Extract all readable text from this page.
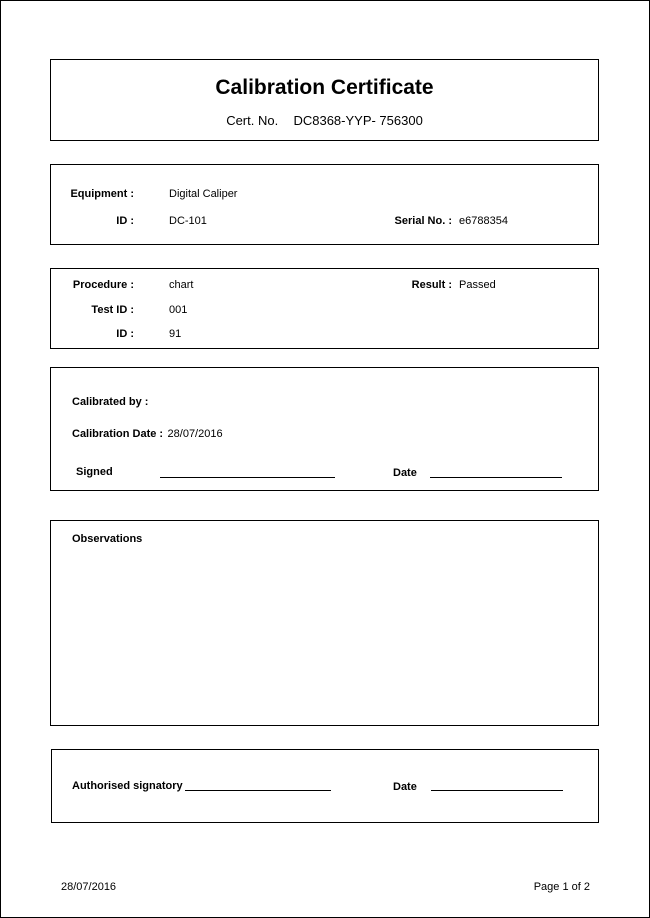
Calibration Certificate
Cert. No. DC8368-YYP- 756300
Equipment :	Digital Caliper
ID :	DC-101	Serial No. : e6788354
Procedure :	chart	Result : Passed
Test ID :	001
ID :	91
Calibrated by :
Calibration Date : 28/07/2016
Signed	Date
Observations
Authorised signatory	Date
28/07/2016	Page 1 of 2
